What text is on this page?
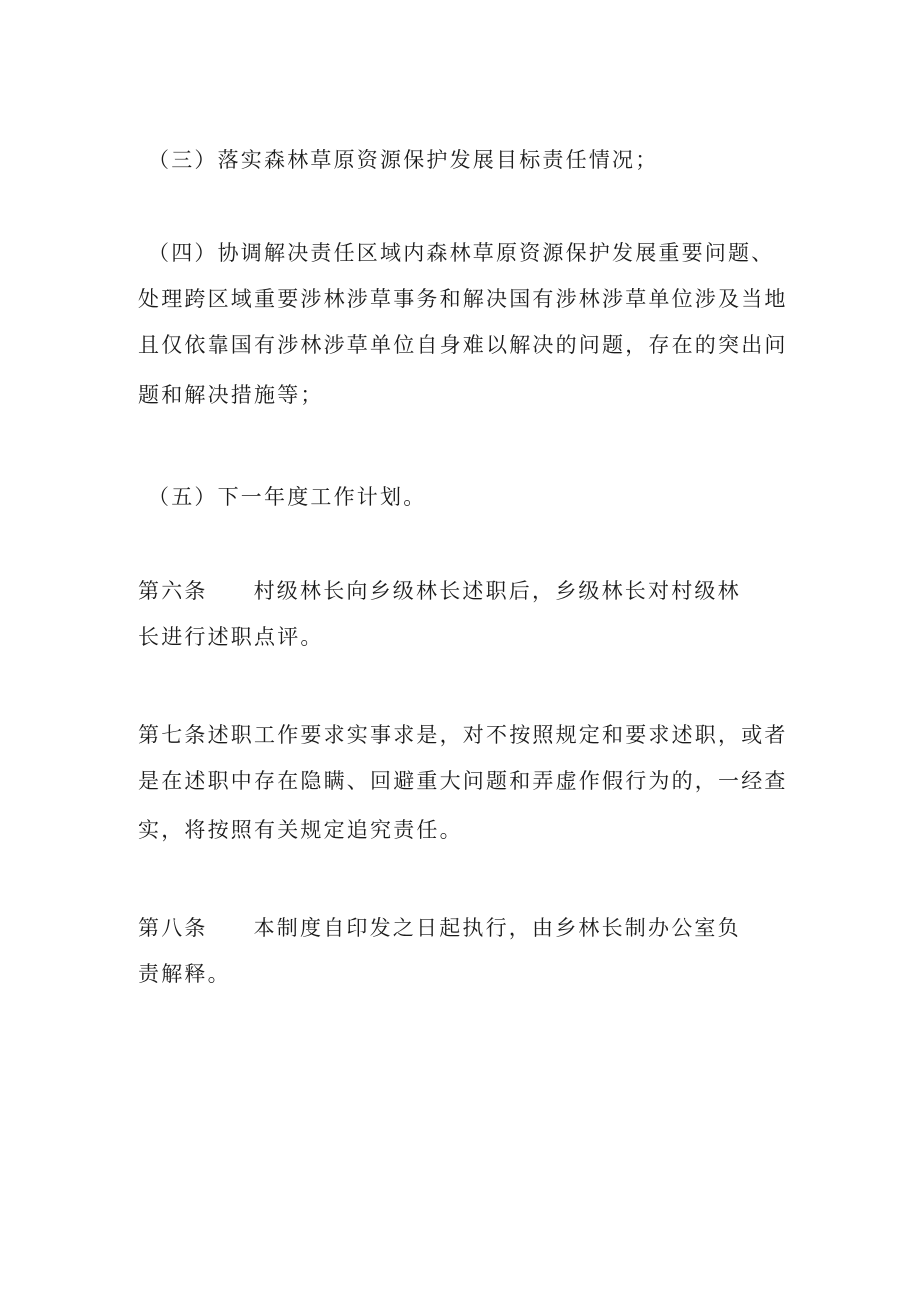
（三）落实森林草原资源保护发展目标责任情况；
（四）协调解决责任区域内森林草原资源保护发展重要问题、
处理跨区域重要涉林涉草事务和解决国有涉林涉草单位涉及当地
且仅依靠国有涉林涉草单位自身难以解决的问题，存在的突出问
题和解决措施等；
（五）下一年度工作计划。
第六条 村级林长向乡级林长述职后，乡级林长对村级林
长进行述职点评。
第七条述职工作要求实事求是，对不按照规定和要求述职，或者
是在述职中存在隐瞒、回避重大问题和弄虚作假行为的，一经查
实，将按照有关规定追究责任。
第八条 本制度自印发之日起执行，由乡林长制办公室负
责解释。
